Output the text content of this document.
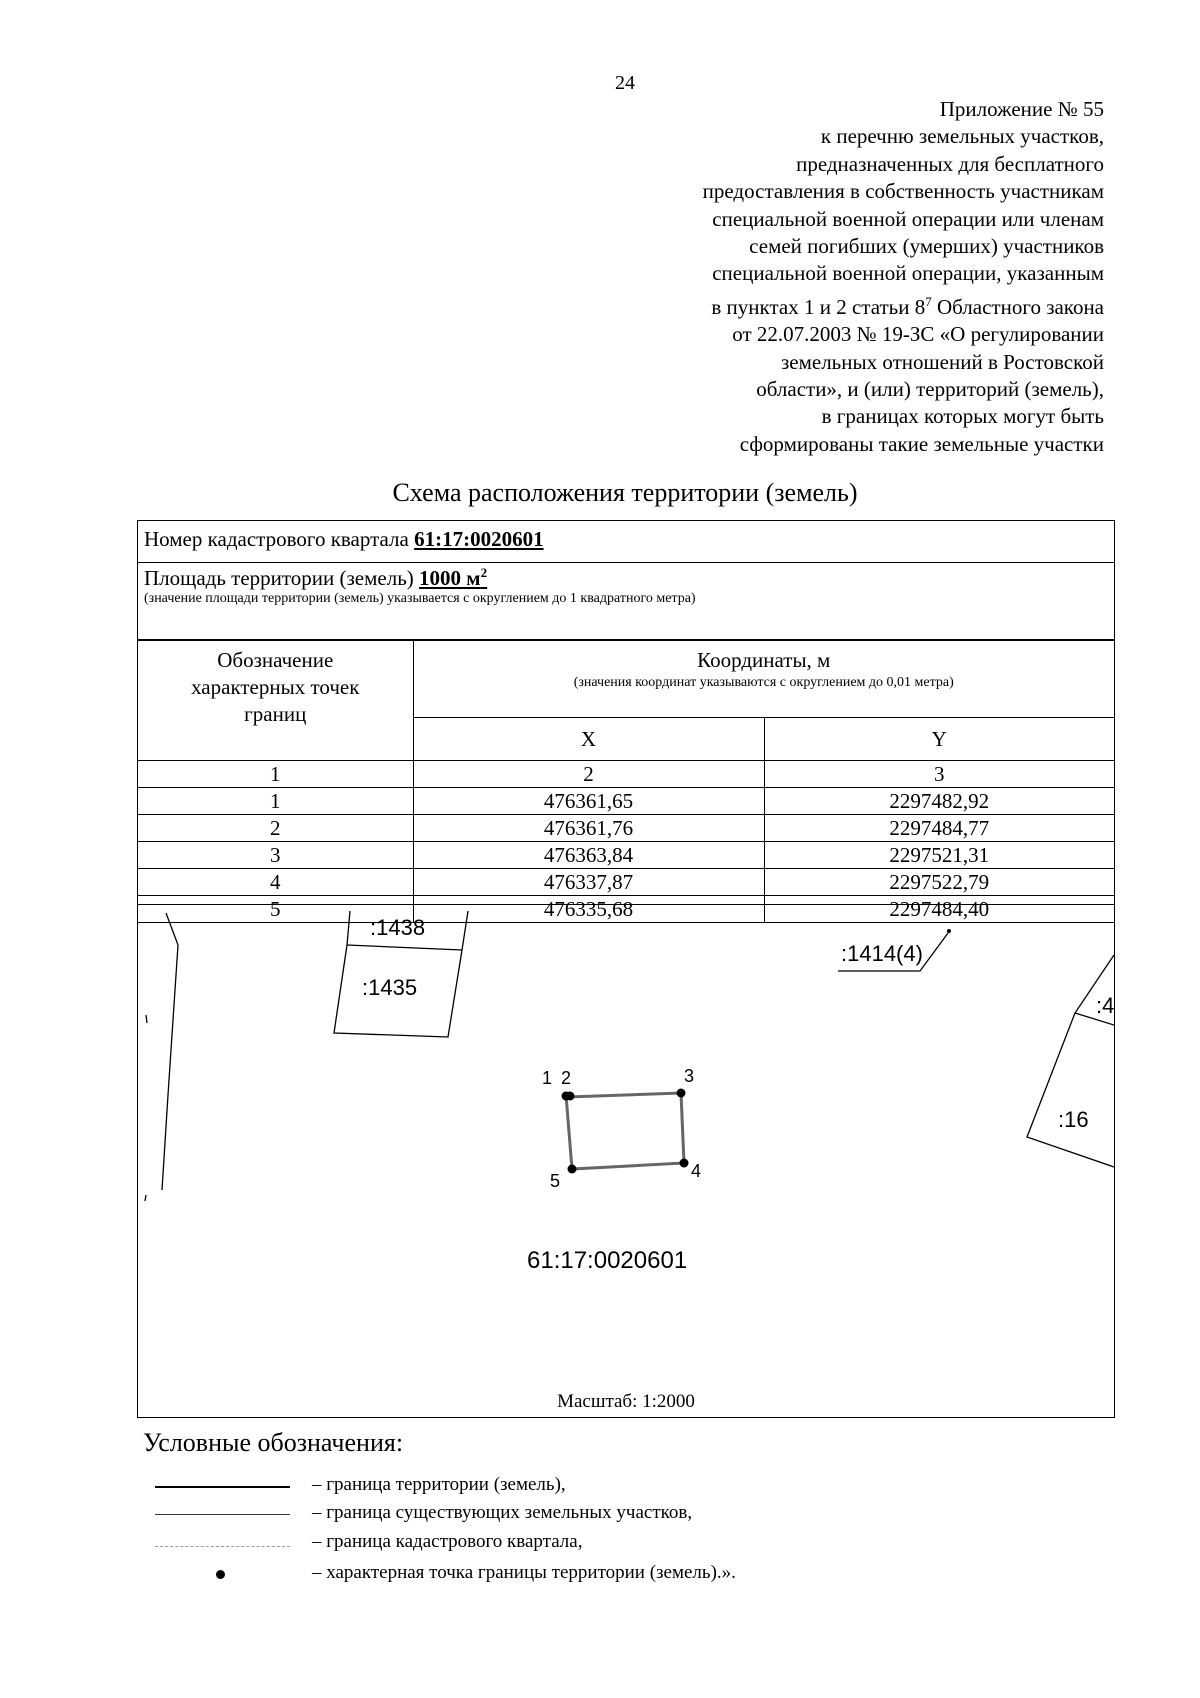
24
Приложение № 55
к перечню земельных участков,
предназначенных для бесплатного
предоставления в собственность участникам
специальной военной операции или членам
семей погибших (умерших) участников
специальной военной операции, указанным
в пунктах 1 и 2 статьи $8^7$ Областного закона
от 22.07.2003 № 19-ЗС «О регулировании
земельных отношений в Ростовской
области», и (или) территорий (земель),
в границах которых могут быть
сформированы такие земельные участки
Схема расположения территории (земель)
Номер кадастрового квартала 61:17:0020601
Площадь территории (земель) 1000 $м^2$
(значение площади территории (земель) указывается с округлением до 1 квадратного метра)
Обозначение характерных точек границ	Координаты, м
(значения координат указываются с округлением до 0,01 метра)	

	X	Y
1	2	3
1	476361,65	2297482,92
2	476361,76	2297484,77
3	476363,84	2297521,31
4	476337,87	2297522,79
5	476335,68	2297484,40
:1438
:1435
:1414(4)
:4
:16
1 2	3
4
5
61:17:0020601
Масштаб: 1:2000
Условные обозначения:
– граница территории (земель),
– граница существующих земельных участков,
– граница кадастрового квартала,
– характерная точка границы территории (земель).».
